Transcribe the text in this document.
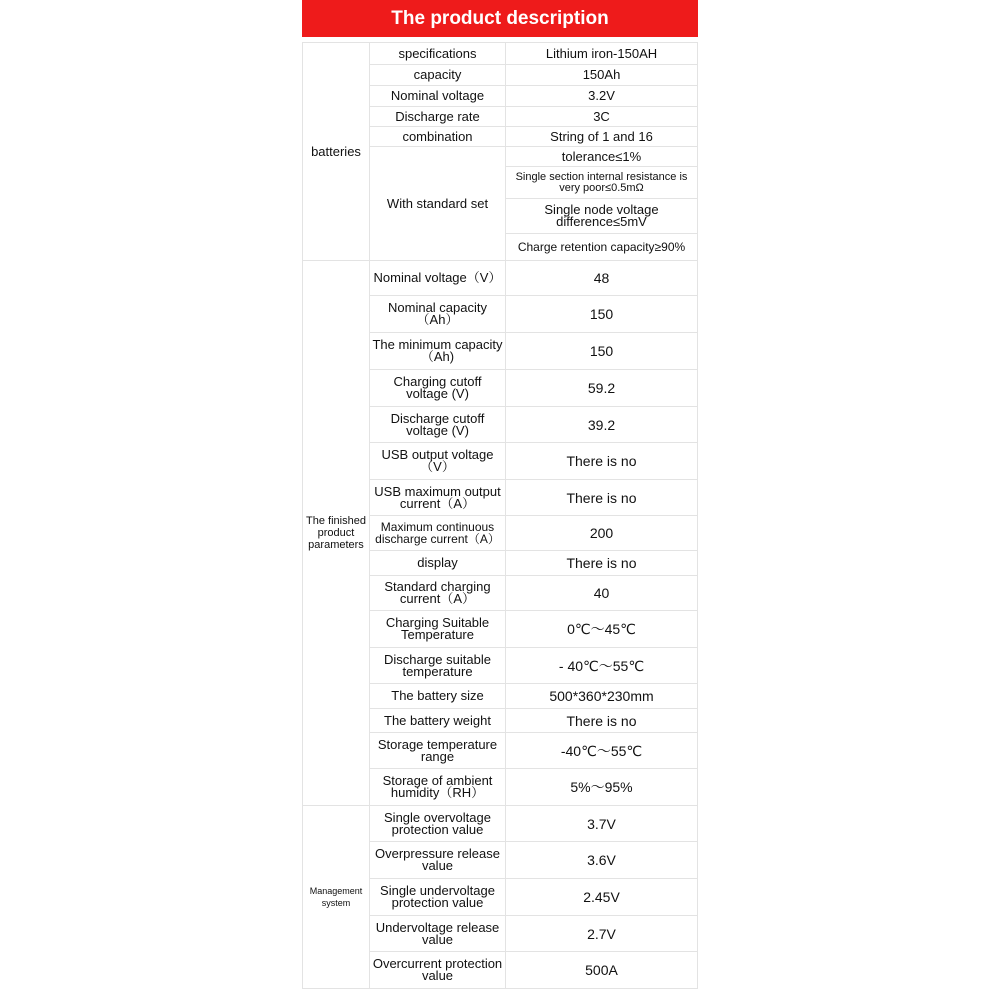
The product description
batteries	specifications	Lithium iron-150AH
	capacity	150Ah
	Nominal voltage	3.2V
	Discharge rate	3C
	combination	String of 1 and 16
	With standard set	tolerance≤1%
		Single section internal resistance is very poor≤0.5mΩ
		Single node voltage difference≤5mV
		Charge retention capacity≥90%
The finished product parameters	Nominal voltage（V）	48
	Nominal capacity（Ah）	150
	The minimum capacity（Ah)	150
	Charging cutoff voltage (V)	59.2
	Discharge cutoff voltage (V)	39.2
	USB output voltage（V）	There is no
	USB maximum output current（A）	There is no
	Maximum continuous discharge current（A）	200
	display	There is no
	Standard charging current（A）	40
	Charging Suitable Temperature	0℃～45℃
	Discharge suitable temperature	- 40℃～55℃
	The battery size	500*360*230mm
	The battery weight	There is no
	Storage temperature range	-40℃～55℃
	Storage of ambient humidity（RH）	5%～95%
Management system	Single overvoltage protection value	3.7V
	Overpressure release value	3.6V
	Single undervoltage protection value	2.45V
	Undervoltage release value	2.7V
	Overcurrent protection value	500A
